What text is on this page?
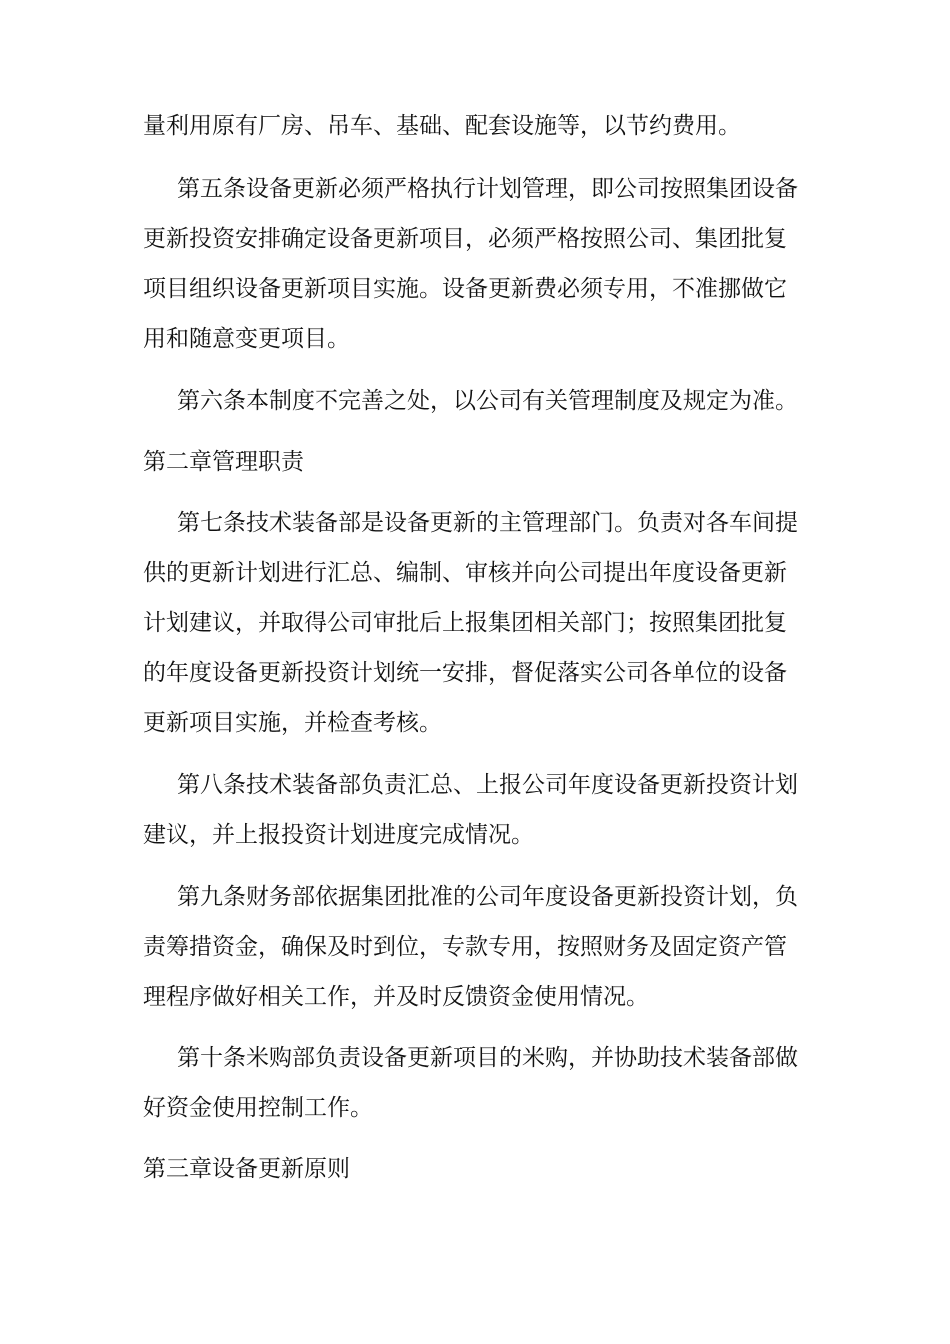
量利用原有厂房、吊车、基础、配套设施等，以节约费用。
第五条设备更新必须严格执行计划管理，即公司按照集团设备
更新投资安排确定设备更新项目，必须严格按照公司、集团批复
项目组织设备更新项目实施。设备更新费必须专用，不准挪做它
用和随意变更项目。
第六条本制度不完善之处，以公司有关管理制度及规定为准。
第二章管理职责
第七条技术装备部是设备更新的主管理部门。负责对各车间提
供的更新计划进行汇总、编制、审核并向公司提出年度设备更新
计划建议，并取得公司审批后上报集团相关部门；按照集团批复
的年度设备更新投资计划统一安排，督促落实公司各单位的设备
更新项目实施，并检查考核。
第八条技术装备部负责汇总、上报公司年度设备更新投资计划
建议，并上报投资计划进度完成情况。
第九条财务部依据集团批准的公司年度设备更新投资计划，负
责筹措资金，确保及时到位，专款专用，按照财务及固定资产管
理程序做好相关工作，并及时反馈资金使用情况。
第十条米购部负责设备更新项目的米购，并协助技术装备部做
好资金使用控制工作。
第三章设备更新原则
